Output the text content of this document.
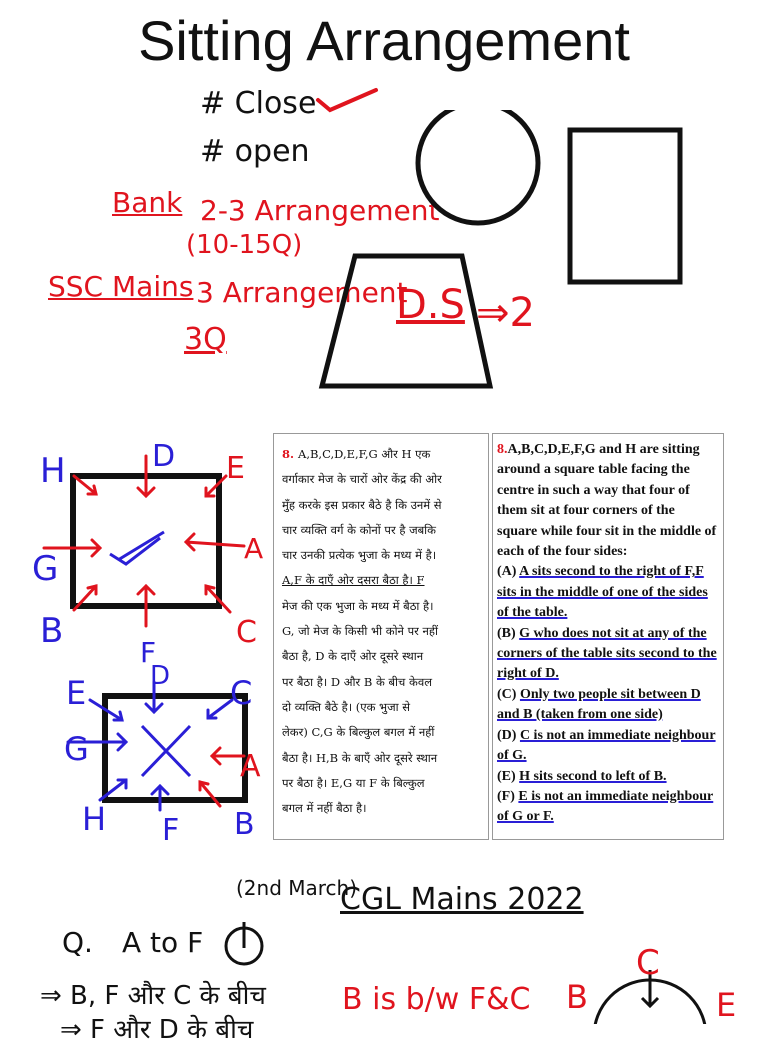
Sitting Arrangement
# Close
# open
Bank 2-3 Arrangement
(10-15Q)
SSC Mains 3 Arrangement
D.S ⇒2
3Q
D
H	E
G
A
B
F
C
D
E	C
G	A
H F B
8. A,B,C,D,E,F,G और H एक
वर्गाकार मेज के चारों ओर केंद्र की ओर
मुँह करके इस प्रकार बैठे है कि उनमें से
चार व्यक्ति वर्ग के कोनों पर है जबकि
चार उनकी प्रत्येक भुजा के मध्य में है।
A,F के दाएँ ओर दसरा बैठा है। F
मेज की एक भुजा के मध्य में बैठा है।
G, जो मेज के किसी भी कोने पर नहीं
बैठा है, D के दाएँ ओर दूसरे स्थान
पर बैठा है। D और B के बीच केवल
दो व्यक्ति बैठे है। (एक भुजा से
लेकर) C,G के बिल्कुल बगल में नहीं
बैठा है। H,B के बाएँ ओर दूसरे स्थान
पर बैठा है। E,G या F के बिल्कुल
बगल में नहीं बैठा है।
8.A,B,C,D,E,F,G and H are sitting around a square table facing the centre in such a way that four of them sit at four corners of the square while four sit in the middle of each of the four sides:
(A) A sits second to the right of F,F sits in the middle of one of the sides of the table.
(B) G who does not sit at any of the corners of the table sits second to the right of D.
(C) Only two people sit between D and B (taken from one side)
(D) C is not an immediate neighbour of G.
(E) H sits second to left of B.
(F) E is not an immediate neighbour of G or F.
(2nd March)
CGL Mains 2022
Q. A to F
⇒ B, F और C के बीच
⇒ F और D के बीच
B is b/w F&C
C
B	E
